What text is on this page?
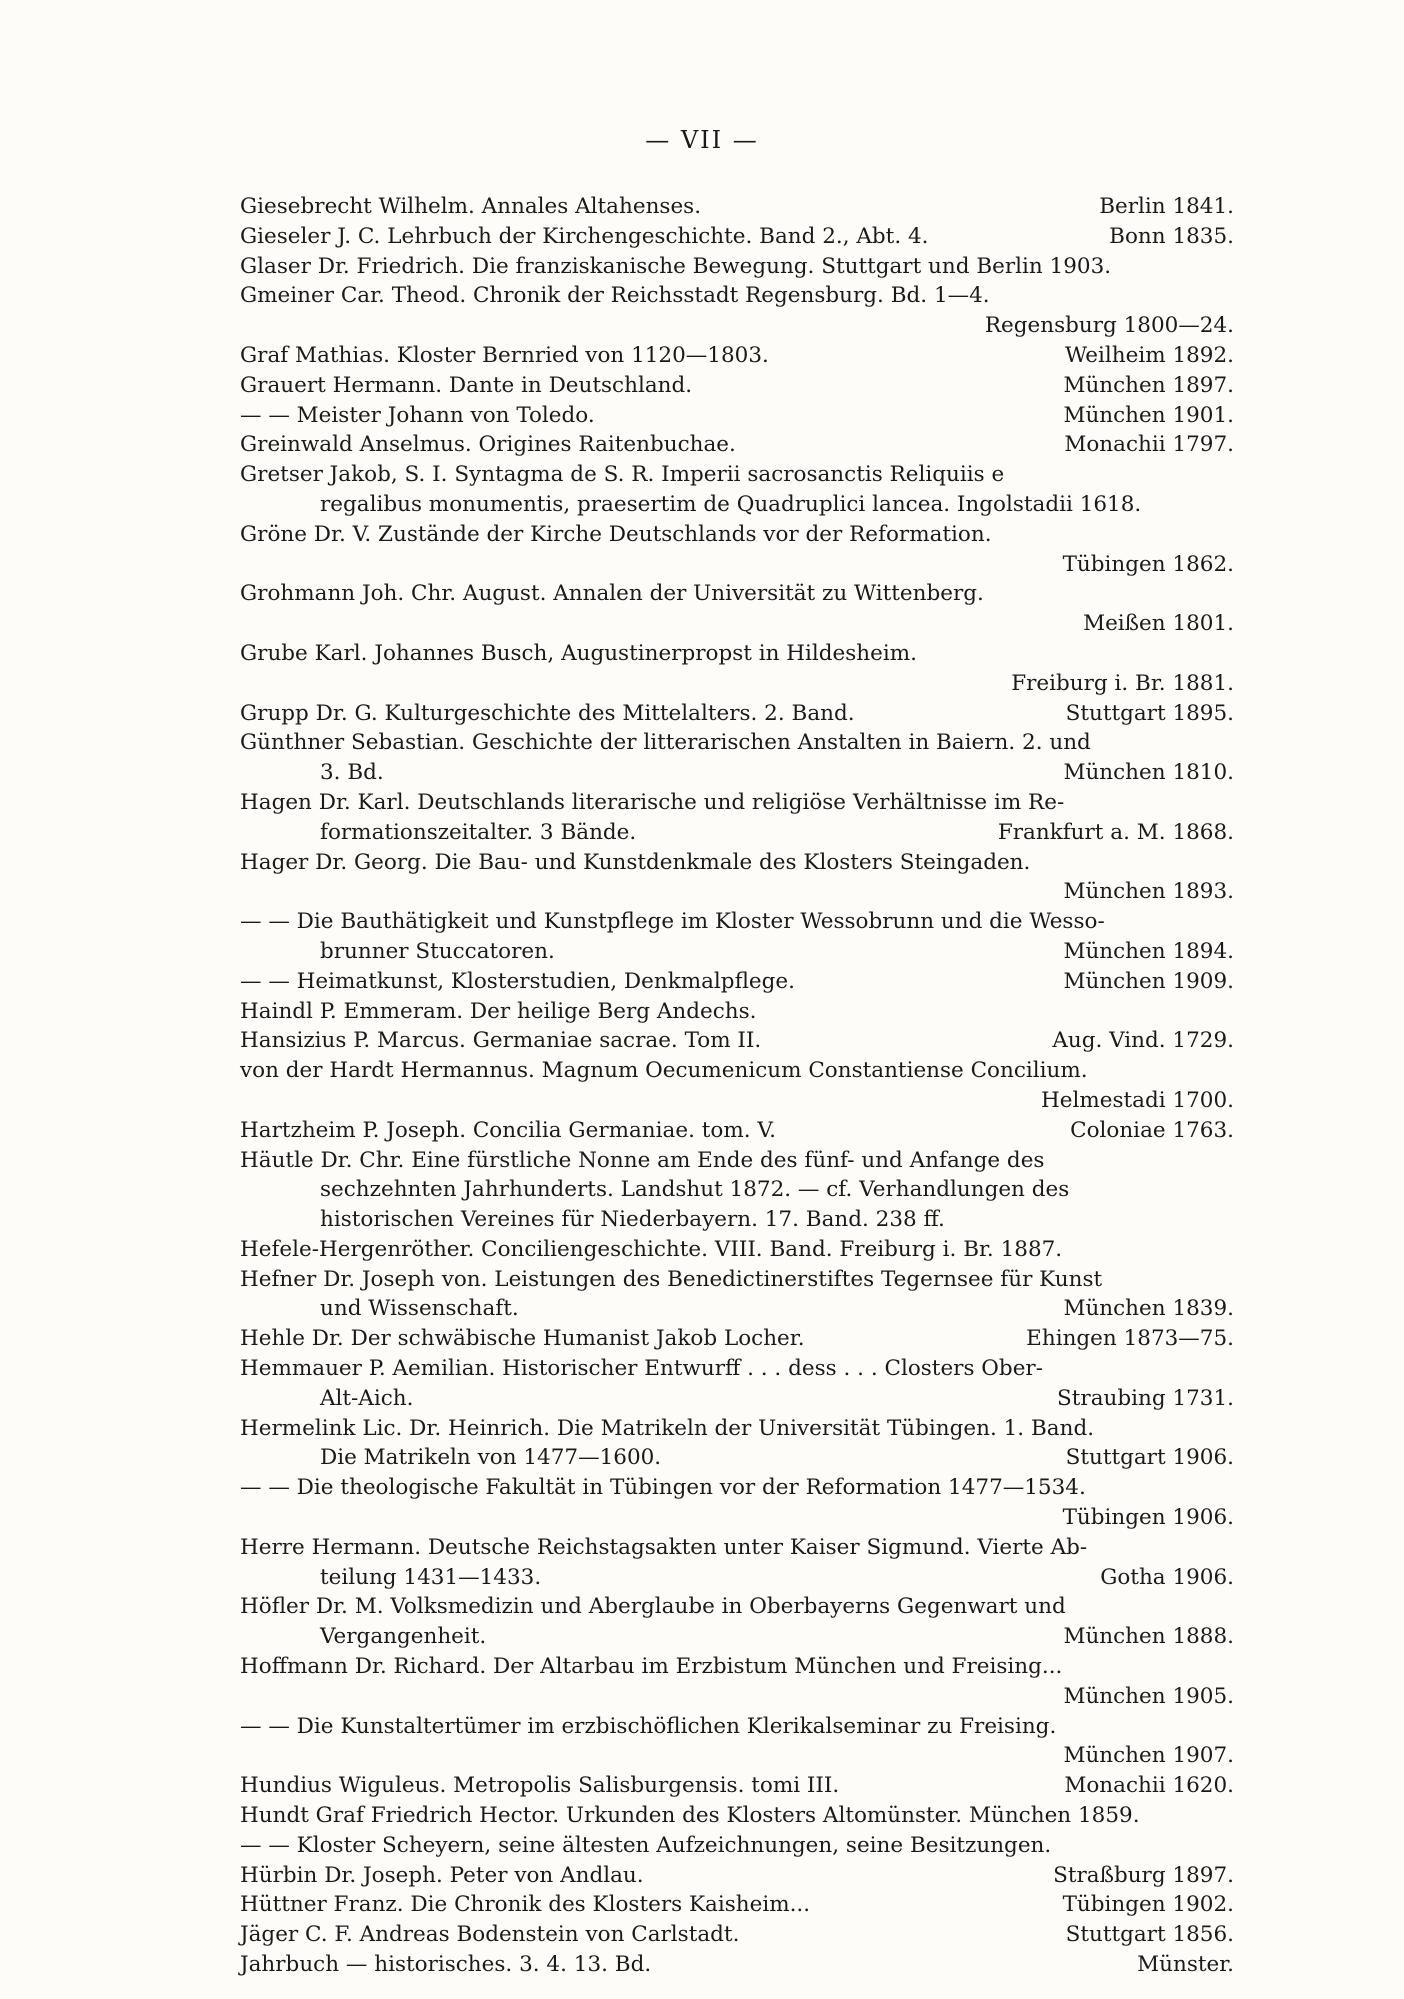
— VII —
Giesebrecht Wilhelm. Annales Altahenses.	Berlin 1841.
Gieseler J. C. Lehrbuch der Kirchengeschichte. Band 2., Abt. 4.	Bonn 1835.
Glaser Dr. Friedrich. Die franziskanische Bewegung. Stuttgart und Berlin 1903.
Gmeiner Car. Theod. Chronik der Reichsstadt Regensburg. Bd. 1—4.
Regensburg 1800—24.
Graf Mathias. Kloster Bernried von 1120—1803.	Weilheim 1892.
Grauert Hermann. Dante in Deutschland.	München 1897.
— — Meister Johann von Toledo.	München 1901.
Greinwald Anselmus. Origines Raitenbuchae.	Monachii 1797.
Gretser Jakob, S. I. Syntagma de S. R. Imperii sacrosanctis Reliquiis e
regalibus monumentis, praesertim de Quadruplici lancea. Ingolstadii 1618.
Gröne Dr. V. Zustände der Kirche Deutschlands vor der Reformation.
Tübingen 1862.
Grohmann Joh. Chr. August. Annalen der Universität zu Wittenberg.
Meißen 1801.
Grube Karl. Johannes Busch, Augustinerpropst in Hildesheim.
Freiburg i. Br. 1881.
Grupp Dr. G. Kulturgeschichte des Mittelalters. 2. Band.	Stuttgart 1895.
Günthner Sebastian. Geschichte der litterarischen Anstalten in Baiern. 2. und
3. Bd.	München 1810.
Hagen Dr. Karl. Deutschlands literarische und religiöse Verhältnisse im Re-
formationszeitalter. 3 Bände.	Frankfurt a. M. 1868.
Hager Dr. Georg. Die Bau- und Kunstdenkmale des Klosters Steingaden.
München 1893.
— — Die Bauthätigkeit und Kunstpflege im Kloster Wessobrunn und die Wesso-
brunner Stuccatoren.	München 1894.
— — Heimatkunst, Klosterstudien, Denkmalpflege.	München 1909.
Haindl P. Emmeram. Der heilige Berg Andechs.
Hansizius P. Marcus. Germaniae sacrae. Tom II.	Aug. Vind. 1729.
von der Hardt Hermannus. Magnum Oecumenicum Constantiense Concilium.
Helmestadi 1700.
Hartzheim P. Joseph. Concilia Germaniae. tom. V.	Coloniae 1763.
Häutle Dr. Chr. Eine fürstliche Nonne am Ende des fünf- und Anfange des
sechzehnten Jahrhunderts. Landshut 1872. — cf. Verhandlungen des
historischen Vereines für Niederbayern. 17. Band. 238 ff.
Hefele-Hergenröther. Conciliengeschichte. VIII. Band. Freiburg i. Br. 1887.
Hefner Dr. Joseph von. Leistungen des Benedictinerstiftes Tegernsee für Kunst
und Wissenschaft.	München 1839.
Hehle Dr. Der schwäbische Humanist Jakob Locher.	Ehingen 1873—75.
Hemmauer P. Aemilian. Historischer Entwurff . . . dess . . . Closters Ober-
Alt-Aich.	Straubing 1731.
Hermelink Lic. Dr. Heinrich. Die Matrikeln der Universität Tübingen. 1. Band.
Die Matrikeln von 1477—1600.	Stuttgart 1906.
— — Die theologische Fakultät in Tübingen vor der Reformation 1477—1534.
Tübingen 1906.
Herre Hermann. Deutsche Reichstagsakten unter Kaiser Sigmund. Vierte Ab-
teilung 1431—1433.	Gotha 1906.
Höfler Dr. M. Volksmedizin und Aberglaube in Oberbayerns Gegenwart und
Vergangenheit.	München 1888.
Hoffmann Dr. Richard. Der Altarbau im Erzbistum München und Freising...
München 1905.
— — Die Kunstaltertümer im erzbischöflichen Klerikalseminar zu Freising.
München 1907.
Hundius Wiguleus. Metropolis Salisburgensis. tomi III.	Monachii 1620.
Hundt Graf Friedrich Hector. Urkunden des Klosters Altomünster. München 1859.
— — Kloster Scheyern, seine ältesten Aufzeichnungen, seine Besitzungen.
Hürbin Dr. Joseph. Peter von Andlau.	Straßburg 1897.
Hüttner Franz. Die Chronik des Klosters Kaisheim...	Tübingen 1902.
Jäger C. F. Andreas Bodenstein von Carlstadt.	Stuttgart 1856.
Jahrbuch — historisches. 3. 4. 13. Bd.	Münster.
